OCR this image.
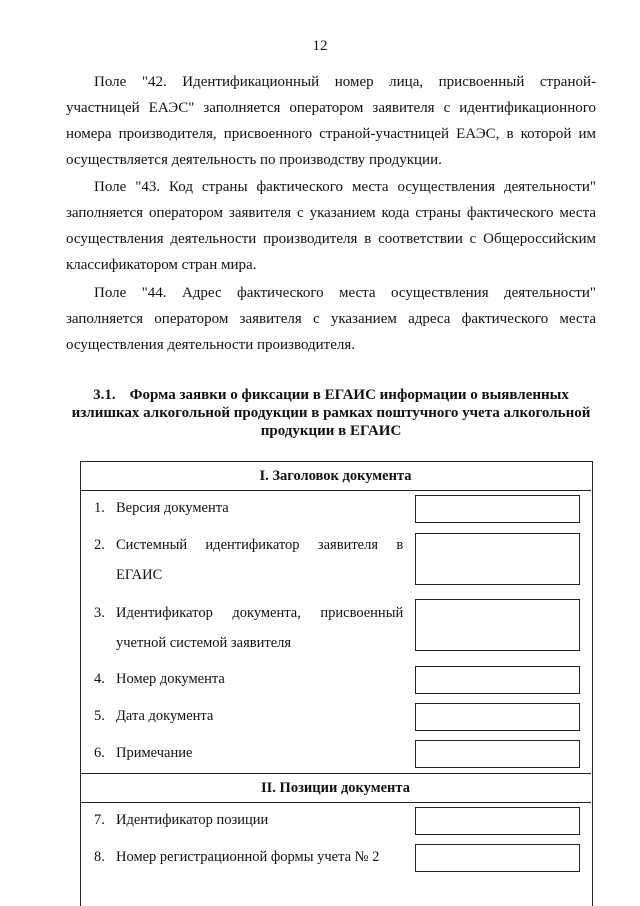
12

Поле "42. Идентификационный номер лица, присвоенный страной-участницей ЕАЭС" заполняется оператором заявителя с идентификационного номера производителя, присвоенного страной-участницей ЕАЭС, в которой им осуществляется деятельность по производству продукции.

Поле "43. Код страны фактического места осуществления деятельности" заполняется оператором заявителя с указанием кода страны фактического места осуществления деятельности производителя в соответствии с Общероссийским классификатором стран мира.

Поле "44. Адрес фактического места осуществления деятельности" заполняется оператором заявителя с указанием адреса фактического места осуществления деятельности производителя.

3.1. Форма заявки о фиксации в ЕГАИС информации о выявленных излишках алкогольной продукции в рамках поштучного учета алкогольной продукции в ЕГАИС
I. Заголовок документа	

1. Версия документа	

2. Системный идентификатор заявителя в ЕГАИС	

3. Идентификатор документа, присвоенный учетной системой заявителя	

4. Номер документа	

5. Дата документа	

6. Примечание	

II. Позиции документа	

7. Идентификатор позиции	

8. Номер регистрационной формы учета № 2	
